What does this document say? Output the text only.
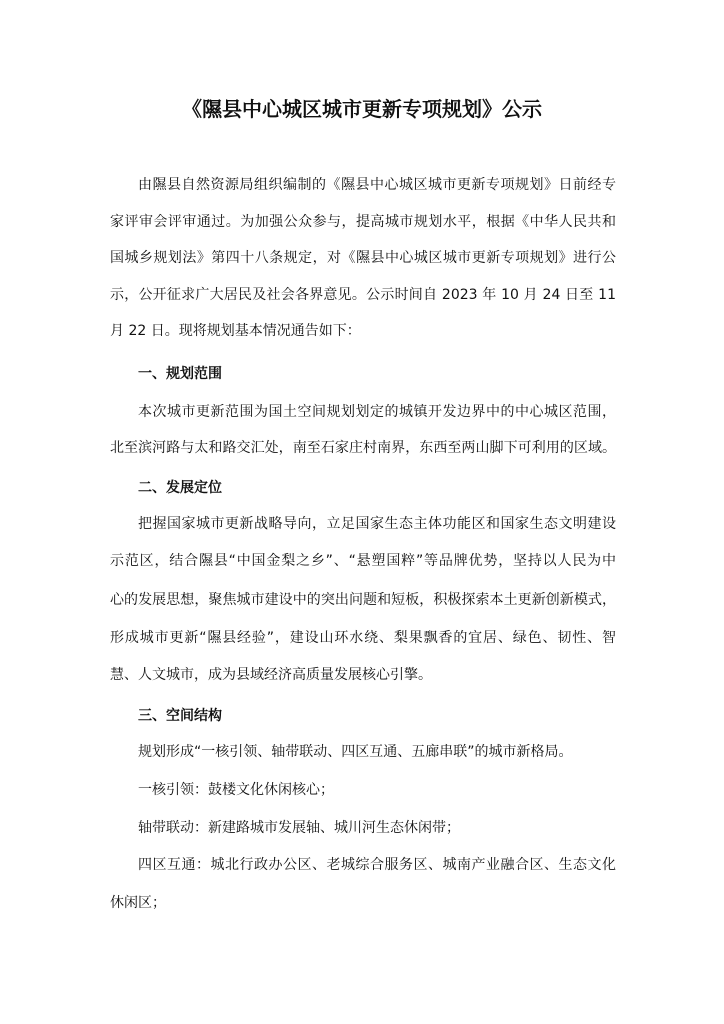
《隰县中心城区城市更新专项规划》公示
由隰县自然资源局组织编制的《隰县中心城区城市更新专项规划》日前经专
家评审会评审通过。为加强公众参与，提高城市规划水平，根据《中华人民共和
国城乡规划法》第四十八条规定，对《隰县中心城区城市更新专项规划》进行公
示，公开征求广大居民及社会各界意见。公示时间自 2023 年 10 月 24 日至 11
月 22 日。现将规划基本情况通告如下：
一、规划范围
本次城市更新范围为国土空间规划划定的城镇开发边界中的中心城区范围，
北至滨河路与太和路交汇处，南至石家庄村南界，东西至两山脚下可利用的区域。
二、发展定位
把握国家城市更新战略导向，立足国家生态主体功能区和国家生态文明建设
示范区，结合隰县“中国金梨之乡”、“悬塑国粹”等品牌优势，坚持以人民为中
心的发展思想，聚焦城市建设中的突出问题和短板，积极探索本土更新创新模式，
形成城市更新“隰县经验”，建设山环水绕、梨果飘香的宜居、绿色、韧性、智
慧、人文城市，成为县域经济高质量发展核心引擎。
三、空间结构
规划形成“一核引领、轴带联动、四区互通、五廊串联”的城市新格局。
一核引领：鼓楼文化休闲核心；
轴带联动：新建路城市发展轴、城川河生态休闲带；
四区互通：城北行政办公区、老城综合服务区、城南产业融合区、生态文化
休闲区；
